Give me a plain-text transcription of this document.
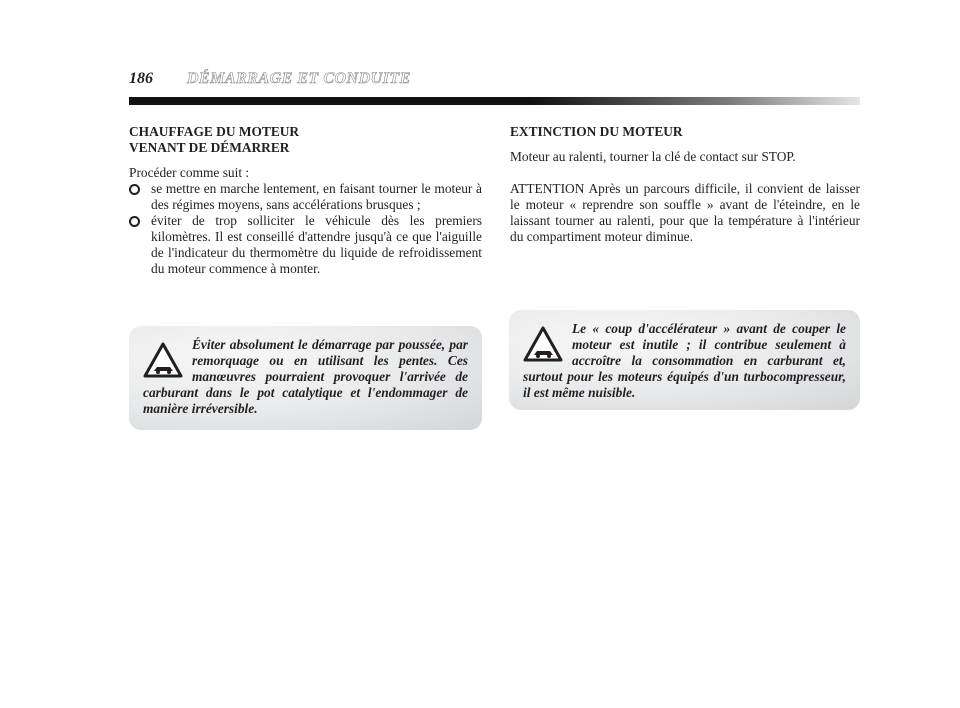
186 DÉMARRAGE ET CONDUITE
CHAUFFAGE DU MOTEUR
VENANT DE DÉMARRER

Procéder comme suit :

se mettre en marche lentement, en faisant tourner le moteur à des régimes moyens, sans accélérations brusques ;
éviter de trop solliciter le véhicule dès les premiers kilomètres. Il est conseillé d'attendre jusqu'à ce que l'aiguille de l'indicateur du thermomètre du liquide de refroidissement du moteur commence à monter.
Éviter absolument le démarrage par poussée, par remorquage ou en utilisant les pentes. Ces manœuvres pourraient provoquer l'arrivée de carburant dans le pot catalytique et l'endommager de manière irréversible.
EXTINCTION DU MOTEUR

Moteur au ralenti, tourner la clé de contact sur STOP.

ATTENTION Après un parcours difficile, il convient de laisser le moteur « reprendre son souffle » avant de l'éteindre, en le laissant tourner au ralenti, pour que la température à l'intérieur du compartiment moteur diminue.

Le « coup d'accélérateur » avant de couper le moteur est inutile ; il contribue seulement à accroître la consommation en carburant et, surtout pour les moteurs équipés d'un turbocompresseur, il est même nuisible.
